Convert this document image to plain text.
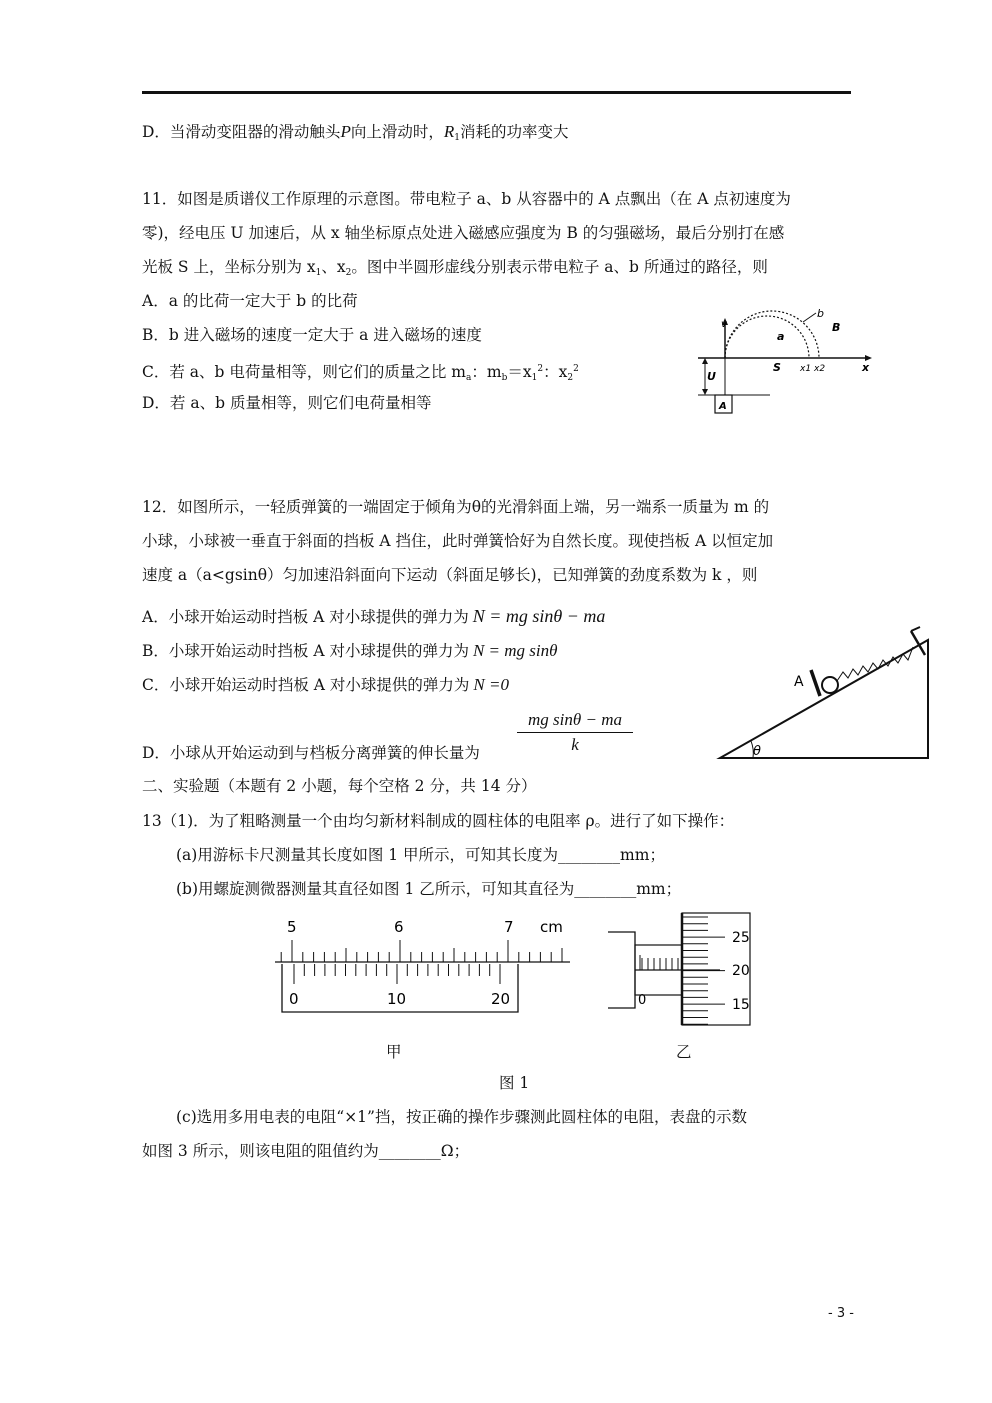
D．当滑动变阻器的滑动触头P向上滑动时，$R_1$消耗的功率变大
11．如图是质谱仪工作原理的示意图。带电粒子 a、b 从容器中的 A 点飘出（在 A 点初速度为
零)，经电压 U 加速后，从 x 轴坐标原点处进入磁感应强度为 B 的匀强磁场，最后分别打在感
光板 S 上，坐标分别为 $x_1$、$x_2$。图中半圆形虚线分别表示带电粒子 a、b 所通过的路径，则
A．a 的比荷一定大于 b 的比荷
B．b 进入磁场的速度一定大于 a 进入磁场的速度
C．若 a、b 电荷量相等，则它们的质量之比 $m_a$：$m_b=x_1^2$：$x_2^2$
D．若 a、b 质量相等，则它们电荷量相等
v
b
B
a
U
S x1 x2	x
A
12．如图所示，一轻质弹簧的一端固定于倾角为θ的光滑斜面上端，另一端系一质量为 m 的
小球，小球被一垂直于斜面的挡板 A 挡住，此时弹簧恰好为自然长度。现使挡板 A 以恒定加
速度 a（a<gsinθ）匀加速沿斜面向下运动（斜面足够长)，已知弹簧的劲度系数为 k ，则
A．小球开始运动时挡板 A 对小球提供的弹力为 N = mg sinθ − ma
B．小球开始运动时挡板 A 对小球提供的弹力为 N = mg sinθ
C．小球开始运动时挡板 A 对小球提供的弹力为 N =0
D．小球从开始运动到与档板分离弹簧的伸长量为 $\frac{\text{mg sinθ − ma}}{k}$
A
θ
二、实验题（本题有 2 小题，每个空格 2 分，共 14 分）
13（1)．为了粗略测量一个由均匀新材料制成的圆柱体的电阻率 ρ。进行了如下操作：
(a)用游标卡尺测量其长度如图 1 甲所示，可知其长度为________mm；
(b)用螺旋测微器测量其直径如图 1 乙所示，可知其直径为________mm；
5	6	7 cm
0	10	20
甲
25
20
15
0
乙
图 1
(c)选用多用电表的电阻“×1”挡，按正确的操作步骤测此圆柱体的电阻，表盘的示数
如图 3 所示，则该电阻的阻值约为________Ω；
- 3 -
